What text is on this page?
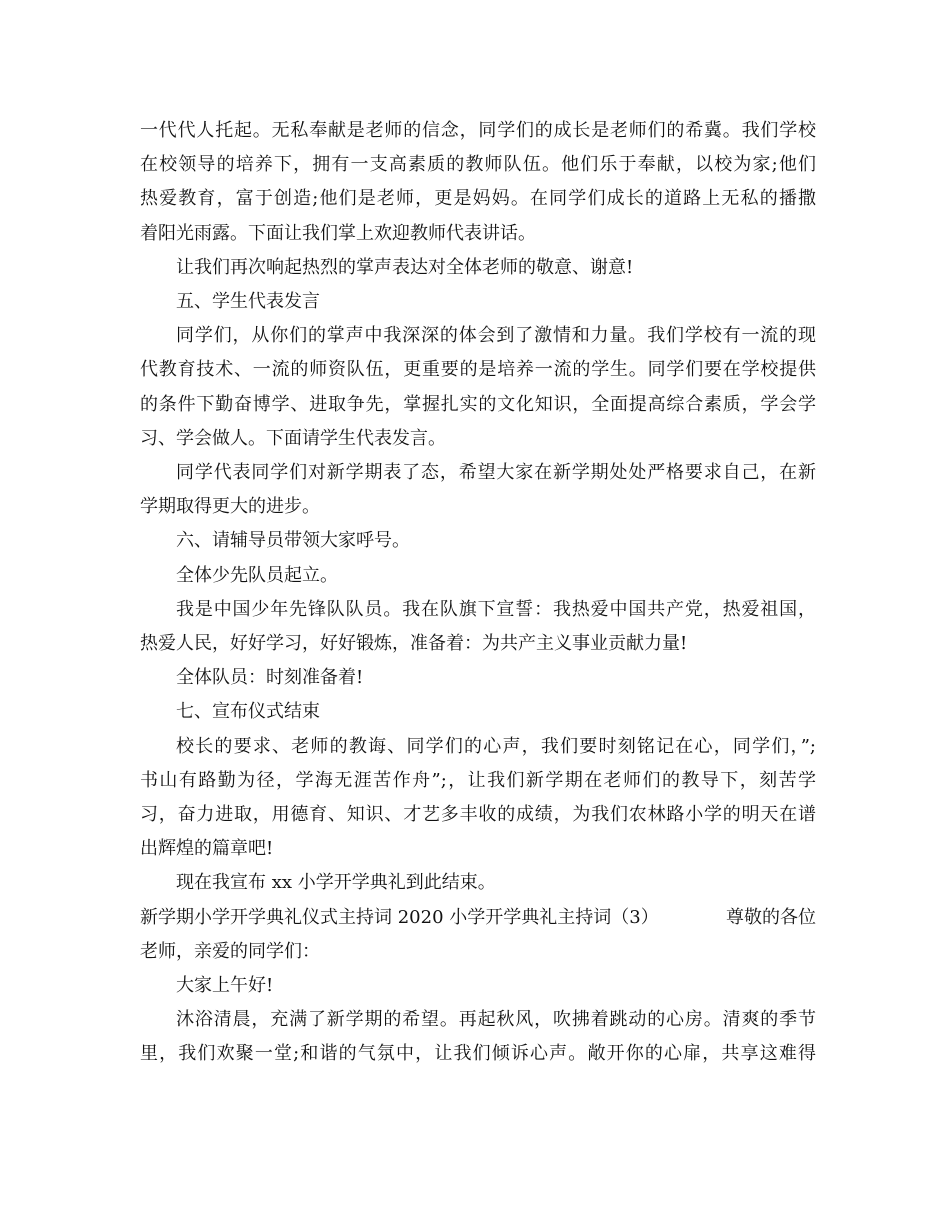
一代代人托起。无私奉献是老师的信念，同学们的成长是老师们的希冀。我们学校
在校领导的培养下，拥有一支高素质的教师队伍。他们乐于奉献，以校为家;他们
热爱教育，富于创造;他们是老师，更是妈妈。在同学们成长的道路上无私的播撒
着阳光雨露。下面让我们掌上欢迎教师代表讲话。
让我们再次响起热烈的掌声表达对全体老师的敬意、谢意!
五、学生代表发言
同学们，从你们的掌声中我深深的体会到了激情和力量。我们学校有一流的现
代教育技术、一流的师资队伍，更重要的是培养一流的学生。同学们要在学校提供
的条件下勤奋博学、进取争先，掌握扎实的文化知识，全面提高综合素质，学会学
习、学会做人。下面请学生代表发言。
同学代表同学们对新学期表了态，希望大家在新学期处处严格要求自己，在新
学期取得更大的进步。
六、请辅导员带领大家呼号。
全体少先队员起立。
我是中国少年先锋队队员。我在队旗下宣誓：我热爱中国共产党，热爱祖国，
热爱人民，好好学习，好好锻炼，准备着：为共产主义事业贡献力量!
全体队员：时刻准备着!
七、宣布仪式结束
校长的要求、老师的教诲、同学们的心声，我们要时刻铭记在心，同学们，”;
书山有路勤为径，学海无涯苦作舟”;，让我们新学期在老师们的教导下，刻苦学
习，奋力进取，用德育、知识、才艺多丰收的成绩，为我们农林路小学的明天在谱
出辉煌的篇章吧!
现在我宣布 xx 小学开学典礼到此结束。
新学期小学开学典礼仪式主持词 2020 小学开学典礼主持词（3）	尊敬的各位
老师，亲爱的同学们：
大家上午好!
沐浴清晨，充满了新学期的希望。再起秋风，吹拂着跳动的心房。清爽的季节
里，我们欢聚一堂;和谐的气氛中，让我们倾诉心声。敞开你的心扉，共享这难得
